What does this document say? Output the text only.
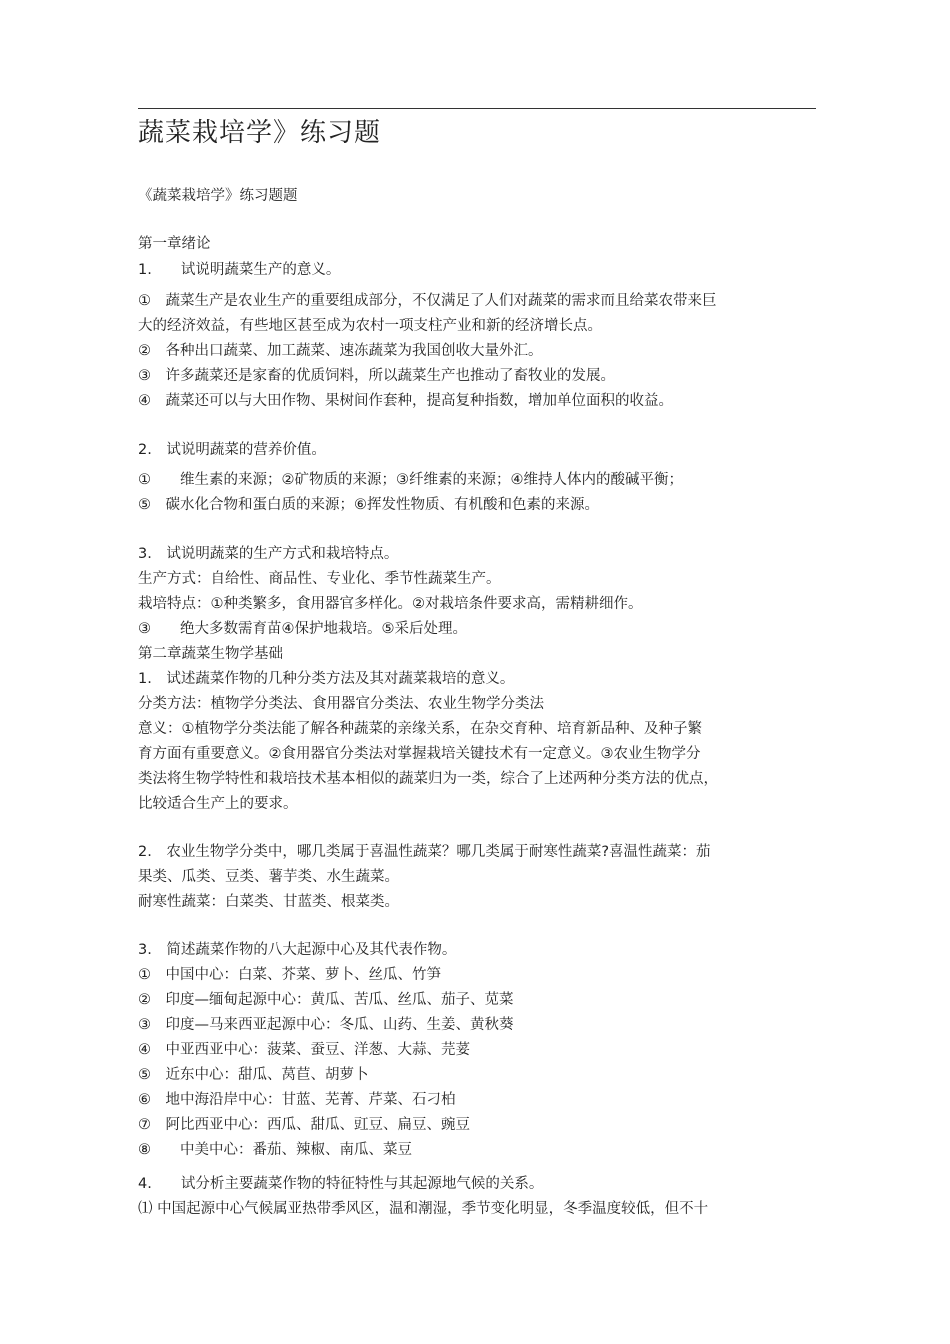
蔬菜栽培学》练习题
《蔬菜栽培学》练习题题
第一章绪论
1.　　试说明蔬菜生产的意义。
①　蔬菜生产是农业生产的重要组成部分，不仅满足了人们对蔬菜的需求而且给菜农带来巨
大的经济效益，有些地区甚至成为农村一项支柱产业和新的经济增长点。
②　各种出口蔬菜、加工蔬菜、速冻蔬菜为我国创收大量外汇。
③　许多蔬菜还是家畜的优质饲料，所以蔬菜生产也推动了畜牧业的发展。
④　蔬菜还可以与大田作物、果树间作套种，提高复种指数，增加单位面积的收益。
2.　试说明蔬菜的营养价值。
①　　维生素的来源；②矿物质的来源；③纤维素的来源；④维持人体内的酸碱平衡；
⑤　碳水化合物和蛋白质的来源；⑥挥发性物质、有机酸和色素的来源。
3.　试说明蔬菜的生产方式和栽培特点。
生产方式：自给性、商品性、专业化、季节性蔬菜生产。
栽培特点：①种类繁多，食用器官多样化。②对栽培条件要求高，需精耕细作。
③　　绝大多数需育苗④保护地栽培。⑤采后处理。
第二章蔬菜生物学基础
1.　试述蔬菜作物的几种分类方法及其对蔬菜栽培的意义。
分类方法：植物学分类法、食用器官分类法、农业生物学分类法
意义：①植物学分类法能了解各种蔬菜的亲缘关系，在杂交育种、培育新品种、及种子繁
育方面有重要意义。②食用器官分类法对掌握栽培关键技术有一定意义。③农业生物学分
类法将生物学特性和栽培技术基本相似的蔬菜归为一类，综合了上述两种分类方法的优点，
比较适合生产上的要求。
2.　农业生物学分类中，哪几类属于喜温性蔬菜？哪几类属于耐寒性蔬菜?喜温性蔬菜：茄
果类、瓜类、豆类、薯芋类、水生蔬菜。
耐寒性蔬菜：白菜类、甘蓝类、根菜类。
3.　简述蔬菜作物的八大起源中心及其代表作物。
①　中国中心：白菜、芥菜、萝卜、丝瓜、竹笋
②　印度—缅甸起源中心：黄瓜、苦瓜、丝瓜、茄子、苋菜
③　印度—马来西亚起源中心：冬瓜、山药、生姜、黄秋葵
④　中亚西亚中心：菠菜、蚕豆、洋葱、大蒜、芫荽
⑤　近东中心：甜瓜、莴苣、胡萝卜
⑥　地中海沿岸中心：甘蓝、芜菁、芹菜、石刁柏
⑦　阿比西亚中心：西瓜、甜瓜、豇豆、扁豆、豌豆
⑧　　中美中心：番茄、辣椒、南瓜、菜豆
4.　　试分析主要蔬菜作物的特征特性与其起源地气候的关系。
⑴ 中国起源中心气候属亚热带季风区，温和潮湿，季节变化明显，冬季温度较低，但不十
